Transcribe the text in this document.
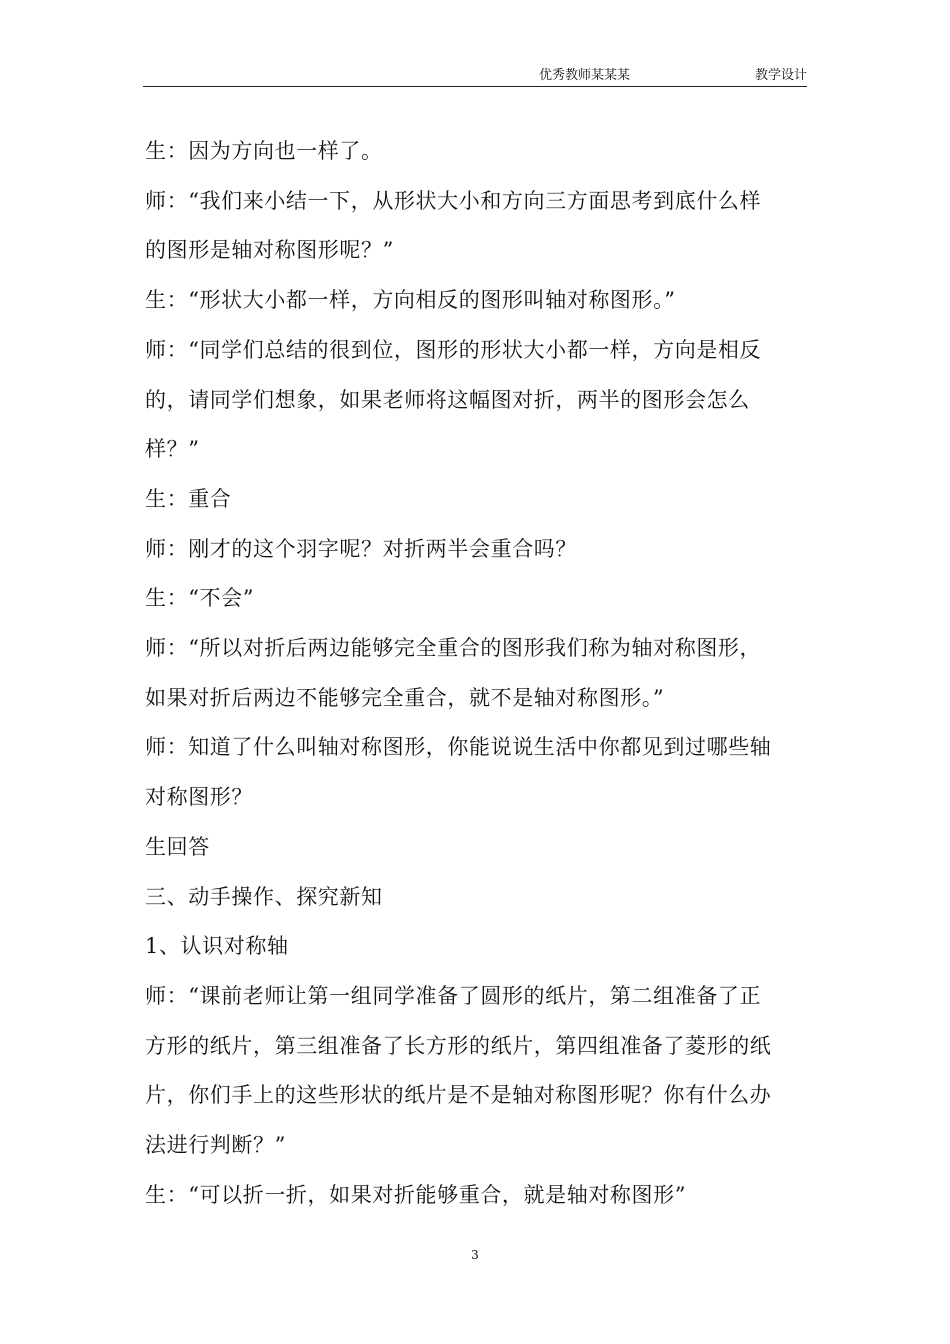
优秀教师某某某	教学设计

生：因为方向也一样了。

师：“我们来小结一下，从形状大小和方向三方面思考到底什么样

的图形是轴对称图形呢？”

生：“形状大小都一样，方向相反的图形叫轴对称图形。”

师：“同学们总结的很到位，图形的形状大小都一样，方向是相反

的，请同学们想象，如果老师将这幅图对折，两半的图形会怎么

样？”

生：重合

师：刚才的这个羽字呢？对折两半会重合吗？

生：“不会”

师：“所以对折后两边能够完全重合的图形我们称为轴对称图形，

如果对折后两边不能够完全重合，就不是轴对称图形。”

师：知道了什么叫轴对称图形，你能说说生活中你都见到过哪些轴

对称图形？

生回答

三、动手操作、探究新知

1、认识对称轴

师：“课前老师让第一组同学准备了圆形的纸片，第二组准备了正

方形的纸片，第三组准备了长方形的纸片，第四组准备了菱形的纸

片，你们手上的这些形状的纸片是不是轴对称图形呢？你有什么办

法进行判断？”

生：“可以折一折，如果对折能够重合，就是轴对称图形”

3
